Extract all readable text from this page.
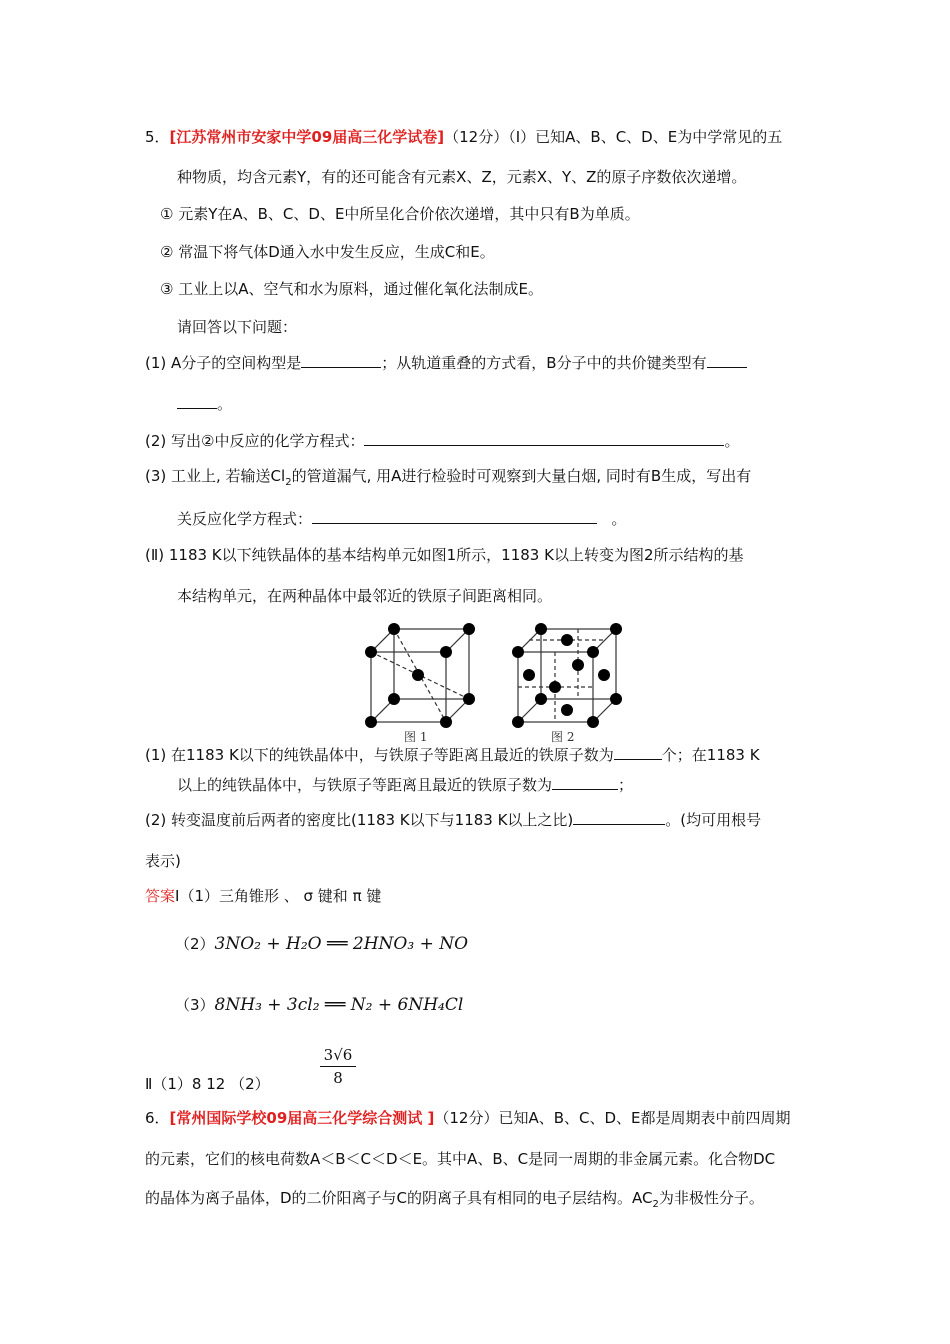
5．[江苏常州市安家中学09届高三化学试卷]（12分）（Ⅰ）已知A、B、C、D、E为中学常见的五
种物质，均含元素Y，有的还可能含有元素X、Z，元素X、Y、Z的原子序数依次递增。
① 元素Y在A、B、C、D、E中所呈化合价依次递增，其中只有B为单质。
② 常温下将气体D通入水中发生反应，生成C和E。
③ 工业上以A、空气和水为原料，通过催化氧化法制成E。
请回答以下问题：
(1) A分子的空间构型是	；从轨道重叠的方式看，B分子中的共价键类型有
。
(2) 写出②中反应的化学方程式：	。
(3) 工业上, 若输送$Cl_2$的管道漏气, 用A进行检验时可观察到大量白烟, 同时有B生成，写出有
关反应化学方程式：	。
(Ⅱ) 1183 K以下纯铁晶体的基本结构单元如图1所示，1183 K以上转变为图2所示结构的基
本结构单元，在两种晶体中最邻近的铁原子间距离相同。
图 1	图 2
(1) 在1183 K以下的纯铁晶体中，与铁原子等距离且最近的铁原子数为	个；在1183 K
以上的纯铁晶体中，与铁原子等距离且最近的铁原子数为	；
(2) 转变温度前后两者的密度比(1183 K以下与1183 K以上之比)	。(均可用根号
表示)
答案Ⅰ（1）三角锥形 、 σ 键和 π 键
（2）3NO₂ + H₂O ══ 2HNO₃ + NO
（3）8NH₃ + 3cl₂ ══ N₂ + 6NH₄Cl
$\frac{3√6}{8}$
Ⅱ（1）8 12 （2）
6．[常州国际学校09届高三化学综合测试 ]（12分）已知A、B、C、D、E都是周期表中前四周期
的元素，它们的核电荷数A＜B＜C＜D＜E。其中A、B、C是同一周期的非金属元素。化合物DC
的晶体为离子晶体，D的二价阳离子与C的阴离子具有相同的电子层结构。$AC_2$为非极性分子。
